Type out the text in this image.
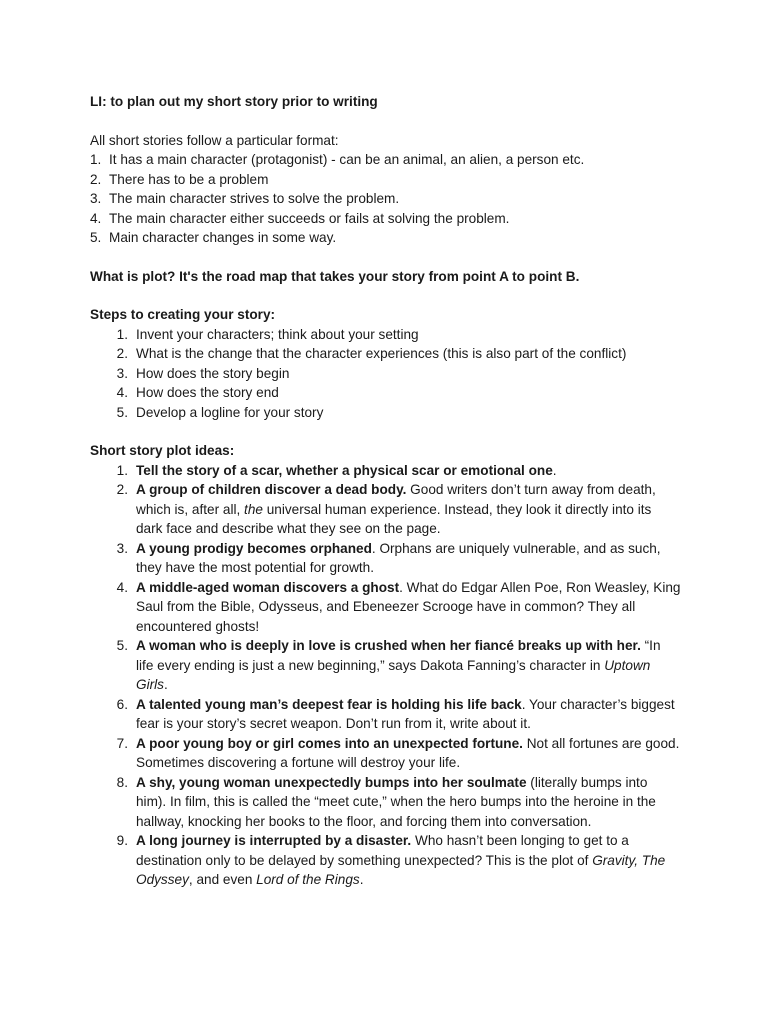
LI: to plan out my short story prior to writing

All short stories follow a particular format:

1. It has a main character (protagonist) - can be an animal, an alien, a person etc.
2. There has to be a problem
3. The main character strives to solve the problem.
4. The main character either succeeds or fails at solving the problem.
5. Main character changes in some way.

What is plot? It's the road map that takes your story from point A to point B.

Steps to creating your story:

1. Invent your characters; think about your setting
2. What is the change that the character experiences (this is also part of the conflict)
3. How does the story begin
4. How does the story end
5. Develop a logline for your story

Short story plot ideas:

1. Tell the story of a scar, whether a physical scar or emotional one.
2. A group of children discover a dead body. Good writers don’t turn away from death, which is, after all, the universal human experience. Instead, they look it directly into its dark face and describe what they see on the page.
3. A young prodigy becomes orphaned. Orphans are uniquely vulnerable, and as such, they have the most potential for growth.
4. A middle-aged woman discovers a ghost. What do Edgar Allen Poe, Ron Weasley, King Saul from the Bible, Odysseus, and Ebeneezer Scrooge have in common? They all encountered ghosts!
5. A woman who is deeply in love is crushed when her fiancé breaks up with her. “In life every ending is just a new beginning,” says Dakota Fanning’s character in Uptown Girls.
6. A talented young man’s deepest fear is holding his life back. Your character’s biggest fear is your story’s secret weapon. Don’t run from it, write about it.
7. A poor young boy or girl comes into an unexpected fortune. Not all fortunes are good. Sometimes discovering a fortune will destroy your life.
8. A shy, young woman unexpectedly bumps into her soulmate (literally bumps into him). In film, this is called the “meet cute,” when the hero bumps into the heroine in the hallway, knocking her books to the floor, and forcing them into conversation.
9. A long journey is interrupted by a disaster. Who hasn’t been longing to get to a destination only to be delayed by something unexpected? This is the plot of Gravity, The Odyssey, and even Lord of the Rings.
